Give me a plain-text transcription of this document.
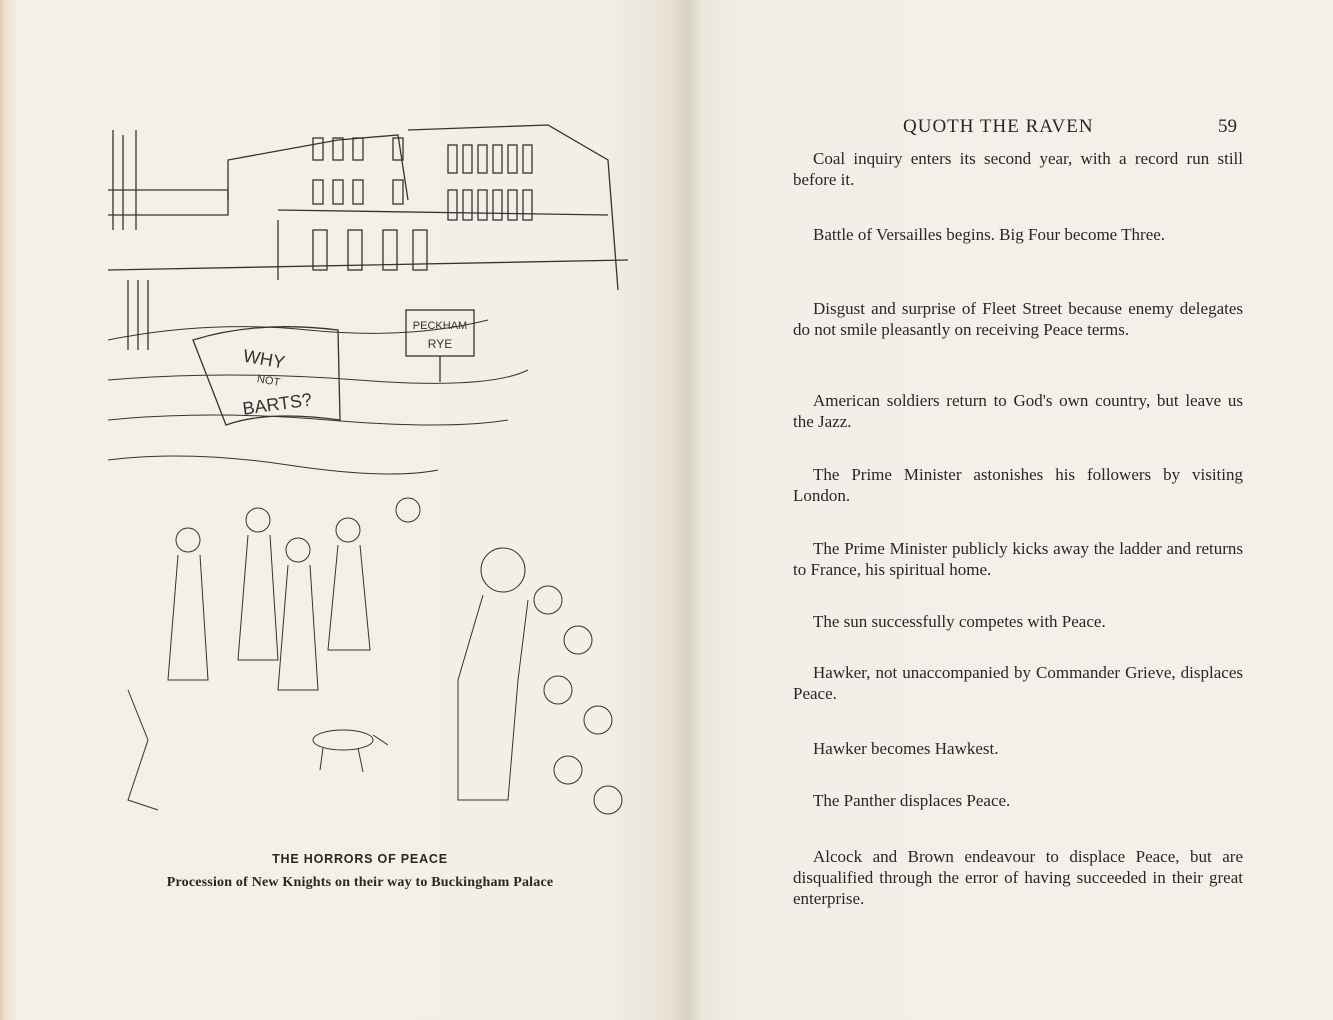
WHY
NOT
BARTS?
PECKHAM
RYE
THE HORRORS OF PEACE
Procession of New Knights on their way to Buckingham Palace
QUOTH THE RAVEN	59

Coal inquiry enters its second year, with a record run still before it.

Battle of Versailles begins. Big Four become Three.

Disgust and surprise of Fleet Street because enemy delegates do not smile pleasantly on receiving Peace terms.

American soldiers return to God's own country, but leave us the Jazz.

The Prime Minister astonishes his followers by visiting London.

The Prime Minister publicly kicks away the ladder and returns to France, his spiritual home.

The sun successfully competes with Peace.

Hawker, not unaccompanied by Commander Grieve, displaces Peace.

Hawker becomes Hawkest.

The Panther displaces Peace.

Alcock and Brown endeavour to displace Peace, but are disqualified through the error of having succeeded in their great enterprise.
